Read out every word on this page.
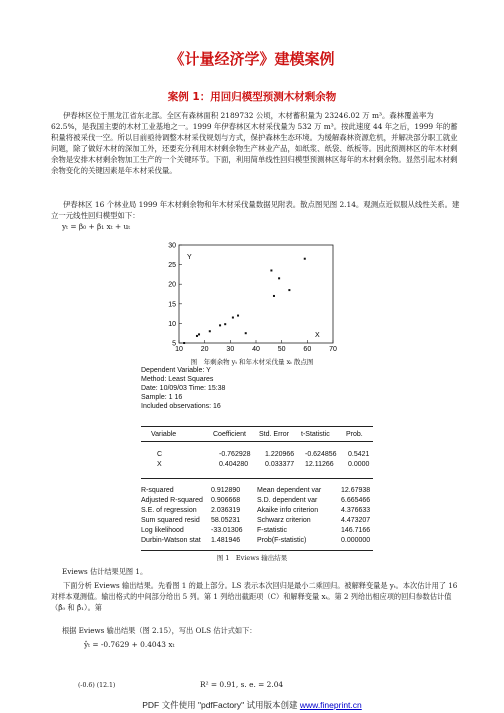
《计量经济学》建模案例
案例 1：用回归模型预测木材剩余物
伊春林区位于黑龙江省东北部。全区有森林面积 2189732 公顷，木材蓄积量为 23246.02 万 m³。森林覆盖率为 62.5%，是我国主要的木材工业基地之一。1999 年伊春林区木材采伐量为 532 万 m³。按此速度 44 年之后，1999 年的蓄积量将被采伐一空。所以目前亟待调整木材采伐规划与方式，保护森林生态环境。为缓解森林资源危机，并解决部分职工就业问题，除了做好木材的深加工外，还要充分利用木材剩余物生产林业产品，如纸浆、纸袋、纸板等。因此预测林区的年木材剩余物是安排木材剩余物加工生产的一个关键环节。下面，利用简单线性回归模型预测林区每年的木材剩余物。显然引起木材剩余物变化的关键因素是年木材采伐量。
伊春林区 16 个林业局 1999 年木材剩余物和年木材采伐量数据见附表。散点图见图 2.14。观测点近似服从线性关系。建立一元线性回归模型如下：
yₜ = β₀ + β₁ xₜ + uₜ
10	20	30	40	50	60	70
5
10
15
20
25
30
Y
X
图　年剩余物 yₜ 和年木材采伐量 xₜ 散点图
Dependent Variable: Y
Method: Least Squares
Date: 10/09/03 Time: 15:38
Sample: 1 16
Included observations: 16
Variable	Coefficient Std. Error t-Statistic Prob.
C	-0.762928 1.220966 -0.624856 0.5421
X	0.404280 0.033377 12.11266 0.0000
R-squared	0.912890 Mean dependent var	12.67938
Adjusted R-squared 0.906668 S.D. dependent var	6.665466
S.E. of regression 2.036319 Akaike info criterion	4.376633
Sum squared resid 58.05231 Schwarz criterion	4.473207
Log likelihood	-33.01306 F-statistic	146.7166
Durbin-Watson stat 1.481946 Prob(F-statistic)	0.000000
图 1　Eviews 输出结果
Eviews 估计结果见图 1。
下面分析 Eviews 输出结果。先看图 1 的最上部分。LS 表示本次回归是最小二乘回归。被解释变量是 yₜ。本次估计用了 16 对样本观测值。输出格式的中间部分给出 5 列。第 1 列给出截距项（C）和解释变量 xₜ。第 2 列给出相应项的回归参数估计值（β̂₀ 和 β̂₁）。第
根据 Eviews 输出结果（图 2.15），写出 OLS 估计式如下：
ŷₜ = -0.7629 + 0.4043 xₜ
(-0.6) (12.1)	R² = 0.91, s. e. = 2.04
PDF 文件使用 "pdfFactory" 试用版本创建 www.fineprint.cn
